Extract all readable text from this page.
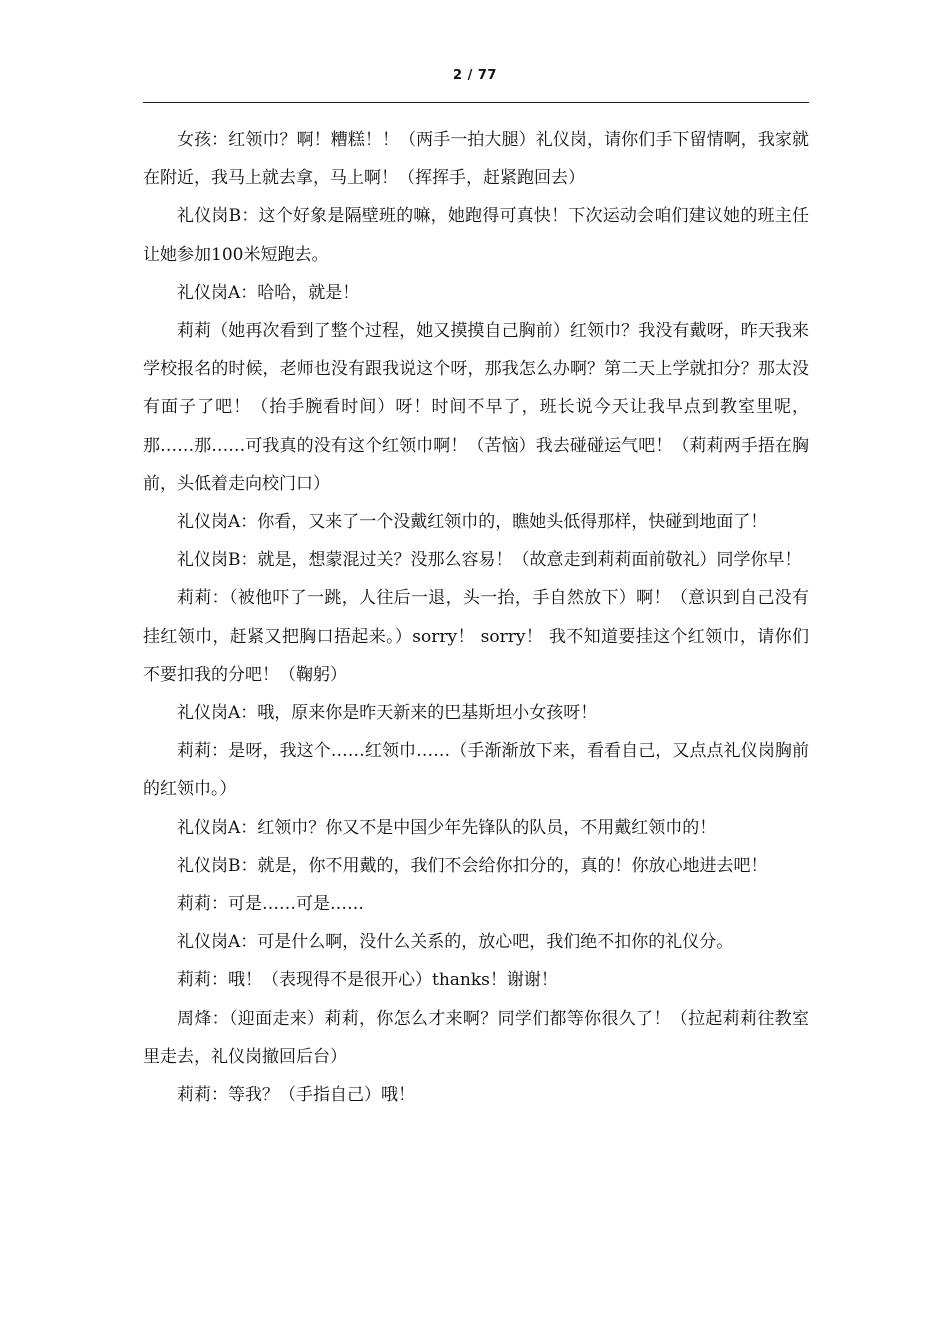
2 / 77

女孩：红领巾？啊！糟糕！！（两手一拍大腿）礼仪岗，请你们手下留情啊，我家就在附近，我马上就去拿，马上啊！（挥挥手，赶紧跑回去）

礼仪岗B：这个好象是隔壁班的嘛，她跑得可真快！下次运动会咱们建议她的班主任让她参加100米短跑去。

礼仪岗A：哈哈，就是！

莉莉（她再次看到了整个过程，她又摸摸自己胸前）红领巾？我没有戴呀，昨天我来学校报名的时候，老师也没有跟我说这个呀，那我怎么办啊？第二天上学就扣分？那太没有面子了吧！（抬手腕看时间）呀！时间不早了，班长说今天让我早点到教室里呢，那……那……可我真的没有这个红领巾啊！（苦恼）我去碰碰运气吧！（莉莉两手捂在胸前，头低着走向校门口）

礼仪岗A：你看，又来了一个没戴红领巾的，瞧她头低得那样，快碰到地面了！

礼仪岗B：就是，想蒙混过关？没那么容易！（故意走到莉莉面前敬礼）同学你早！

莉莉：（被他吓了一跳，人往后一退，头一抬，手自然放下）啊！（意识到自己没有挂红领巾，赶紧又把胸口捂起来。）sorry！ sorry！ 我不知道要挂这个红领巾，请你们不要扣我的分吧！（鞠躬）

礼仪岗A：哦，原来你是昨天新来的巴基斯坦小女孩呀！

莉莉：是呀，我这个……红领巾……（手渐渐放下来，看看自己，又点点礼仪岗胸前的红领巾。）

礼仪岗A：红领巾？你又不是中国少年先锋队的队员，不用戴红领巾的！

礼仪岗B：就是，你不用戴的，我们不会给你扣分的，真的！你放心地进去吧！

莉莉：可是……可是……

礼仪岗A：可是什么啊，没什么关系的，放心吧，我们绝不扣你的礼仪分。

莉莉：哦！（表现得不是很开心）thanks！谢谢！

周烽：（迎面走来）莉莉，你怎么才来啊？同学们都等你很久了！（拉起莉莉往教室里走去，礼仪岗撤回后台）

莉莉：等我？（手指自己）哦！
